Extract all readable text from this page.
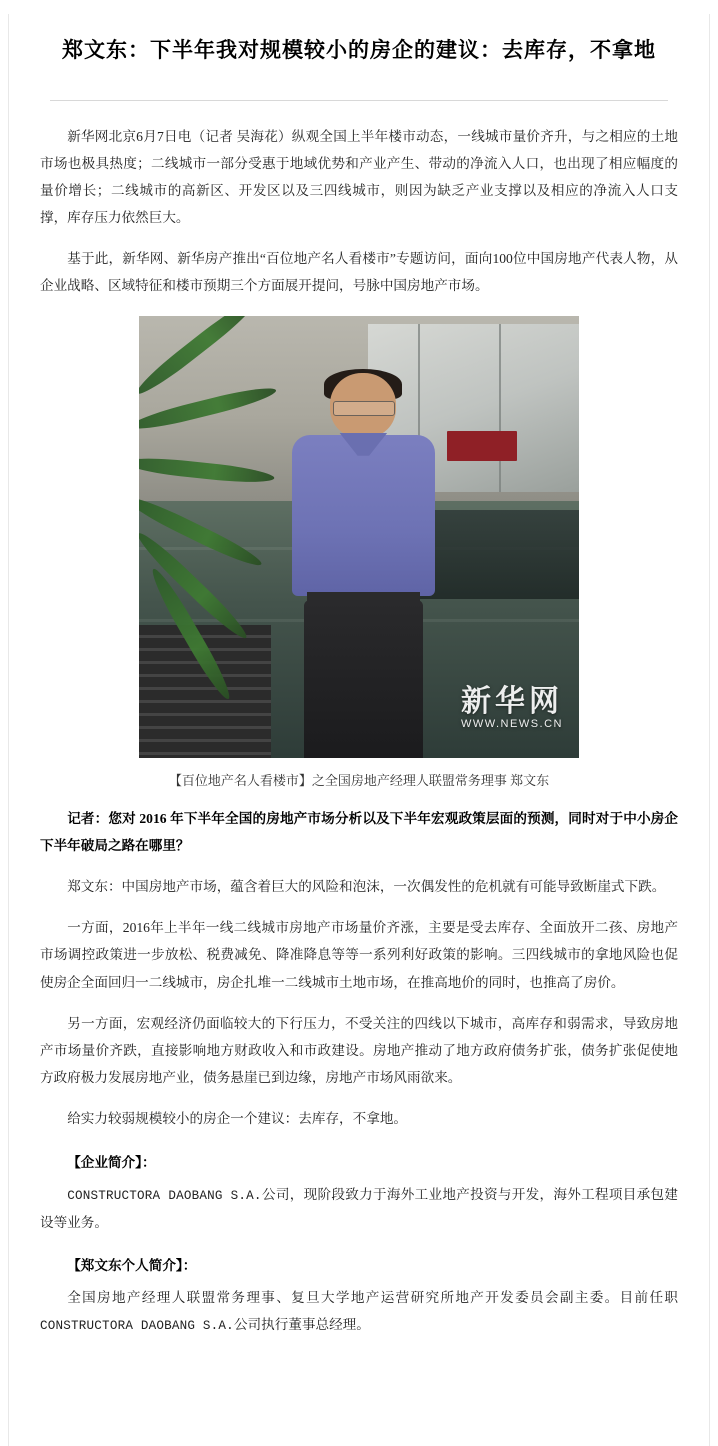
郑文东：下半年我对规模较小的房企的建议：去库存，不拿地

新华网北京6月7日电（记者 吴海花）纵观全国上半年楼市动态，一线城市量价齐升，与之相应的土地市场也极具热度；二线城市一部分受惠于地域优势和产业产生、带动的净流入人口，也出现了相应幅度的量价增长；二线城市的高新区、开发区以及三四线城市，则因为缺乏产业支撑以及相应的净流入人口支撑，库存压力依然巨大。

基于此，新华网、新华房产推出“百位地产名人看楼市”专题访问，面向100位中国房地产代表人物，从企业战略、区域特征和楼市预期三个方面展开提问，号脉中国房地产市场。

新华网
WWW.NEWS.CN
【百位地产名人看楼市】之全国房地产经理人联盟常务理事 郑文东

记者：您对 2016 年下半年全国的房地产市场分析以及下半年宏观政策层面的预测，同时对于中小房企下半年破局之路在哪里？

郑文东：中国房地产市场，蕴含着巨大的风险和泡沫，一次偶发性的危机就有可能导致断崖式下跌。

一方面，2016年上半年一线二线城市房地产市场量价齐涨，主要是受去库存、全面放开二孩、房地产市场调控政策进一步放松、税费减免、降准降息等等一系列利好政策的影响。三四线城市的拿地风险也促使房企全面回归一二线城市，房企扎堆一二线城市土地市场，在推高地价的同时，也推高了房价。

另一方面，宏观经济仍面临较大的下行压力，不受关注的四线以下城市，高库存和弱需求，导致房地产市场量价齐跌，直接影响地方财政收入和市政建设。房地产推动了地方政府债务扩张，债务扩张促使地方政府极力发展房地产业，债务悬崖已到边缘，房地产市场风雨欲来。

给实力较弱规模较小的房企一个建议：去库存，不拿地。

【企业简介】：

CONSTRUCTORA DAOBANG S.A.公司，现阶段致力于海外工业地产投资与开发，海外工程项目承包建设等业务。

【郑文东个人简介】：

全国房地产经理人联盟常务理事、复旦大学地产运营研究所地产开发委员会副主委。目前任职CONSTRUCTORA DAOBANG S.A.公司执行董事总经理。
